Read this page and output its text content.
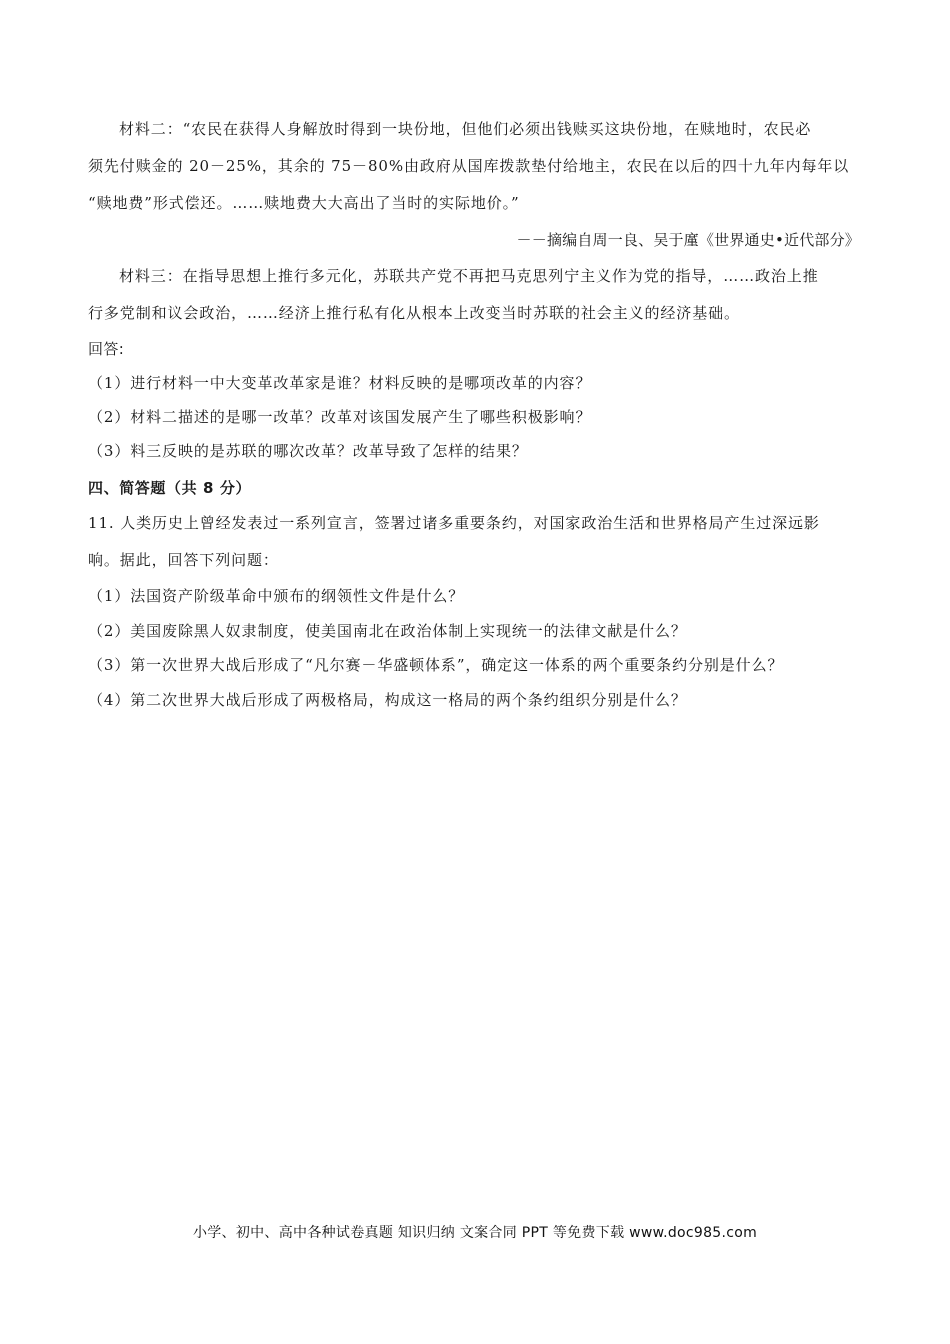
材料二：“农民在获得人身解放时得到一块份地，但他们必须出钱赎买这块份地，在赎地时，农民必
须先付赎金的 20－25%，其余的 75－80%由政府从国库拨款垫付给地主，农民在以后的四十九年内每年以
“赎地费”形式偿还。……赎地费大大高出了当时的实际地价。”
－－摘编自周一良、吴于廑《世界通史•近代部分》
材料三：在指导思想上推行多元化，苏联共产党不再把马克思列宁主义作为党的指导，……政治上推
行多党制和议会政治，……经济上推行私有化从根本上改变当时苏联的社会主义的经济基础。
回答:
（1）进行材料一中大变革改革家是谁？材料反映的是哪项改革的内容？
（2）材料二描述的是哪一改革？改革对该国发展产生了哪些积极影响？
（3）料三反映的是苏联的哪次改革？改革导致了怎样的结果？
四、简答题（共 8 分）
11. 人类历史上曾经发表过一系列宣言，签署过诸多重要条约，对国家政治生活和世界格局产生过深远影
响。据此，回答下列问题：
（1）法国资产阶级革命中颁布的纲领性文件是什么？
（2）美国废除黑人奴隶制度，使美国南北在政治体制上实现统一的法律文献是什么？
（3）第一次世界大战后形成了“凡尔赛－华盛顿体系”，确定这一体系的两个重要条约分别是什么？
（4）第二次世界大战后形成了两极格局，构成这一格局的两个条约组织分别是什么？
小学、初中、高中各种试卷真题 知识归纳 文案合同 PPT 等免费下载 www.doc985.com
